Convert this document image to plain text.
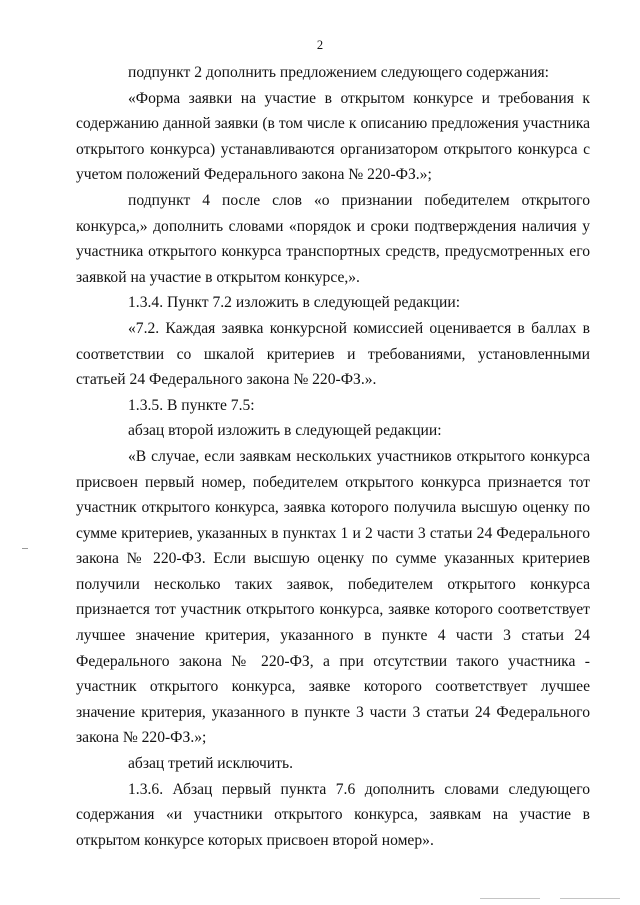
2

подпункт 2 дополнить предложением следующего содержания:

«Форма заявки на участие в открытом конкурсе и требования к содержанию данной заявки (в том числе к описанию предложения участника открытого конкурса) устанавливаются организатором открытого конкурса с учетом положений Федерального закона № 220-ФЗ.»;

подпункт 4 после слов «о признании победителем открытого конкурса,» дополнить словами «порядок и сроки подтверждения наличия у участника открытого конкурса транспортных средств, предусмотренных его заявкой на участие в открытом конкурсе,».

1.3.4. Пункт 7.2 изложить в следующей редакции:

«7.2. Каждая заявка конкурсной комиссией оценивается в баллах в соответствии со шкалой критериев и требованиями, установленными статьей 24 Федерального закона № 220-ФЗ.».

1.3.5. В пункте 7.5:

абзац второй изложить в следующей редакции:

«В случае, если заявкам нескольких участников открытого конкурса присвоен первый номер, победителем открытого конкурса признается тот участник открытого конкурса, заявка которого получила высшую оценку по сумме критериев, указанных в пунктах 1 и 2 части 3 статьи 24 Федерального закона № 220-ФЗ. Если высшую оценку по сумме указанных критериев получили несколько таких заявок, победителем открытого конкурса признается тот участник открытого конкурса, заявке которого соответствует лучшее значение критерия, указанного в пункте 4 части 3 статьи 24 Федерального закона № 220-ФЗ, а при отсутствии такого участника - участник открытого конкурса, заявке которого соответствует лучшее значение критерия, указанного в пункте 3 части 3 статьи 24 Федерального закона № 220-ФЗ.»;

абзац третий исключить.

1.3.6. Абзац первый пункта 7.6 дополнить словами следующего содержания «и участники открытого конкурса, заявкам на участие в открытом конкурсе которых присвоен второй номер».
